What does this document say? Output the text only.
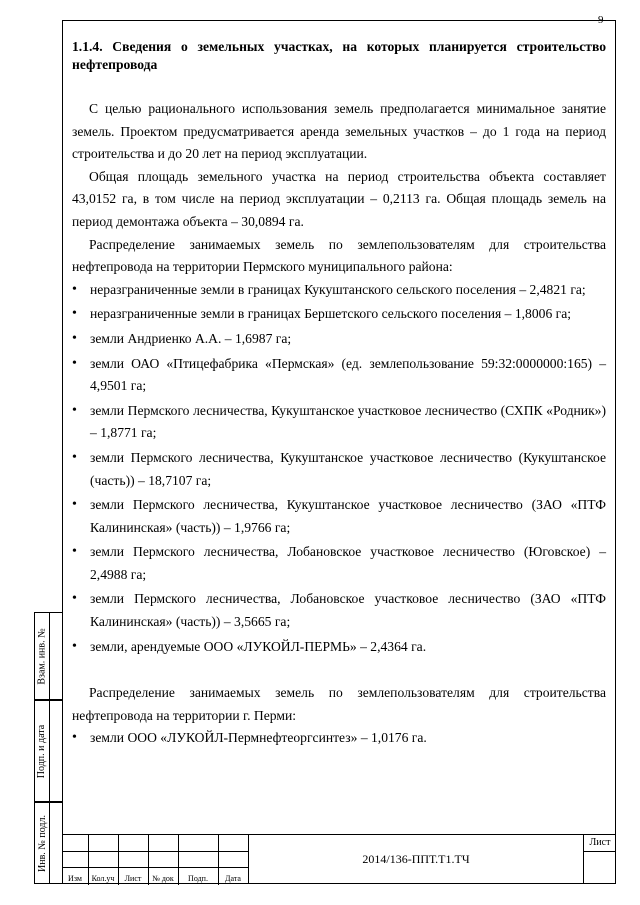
9

1.1.4. Сведения о земельных участках, на которых планируется строительство нефтепровода

С целью рационального использования земель предполагается минимальное занятие земель. Проектом предусматривается аренда земельных участков – до 1 года на период строительства и до 20 лет на период эксплуатации.

Общая площадь земельного участка на период строительства объекта составляет 43,0152 га, в том числе на период эксплуатации – 0,2113 га. Общая площадь земель на период демонтажа объекта – 30,0894 га.

Распределение занимаемых земель по землепользователям для строительства нефтепровода на территории Пермского муниципального района:

• неразграниченные земли в границах Кукуштанского сельского поселения – 2,4821 га;
• неразграниченные земли в границах Бершетского сельского поселения – 1,8006 га;
• земли Андриенко А.А. – 1,6987 га;
• земли ОАО «Птицефабрика «Пермская» (ед. землепользование 59:32:0000000:165) – 4,9501 га;
• земли Пермского лесничества, Кукуштанское участковое лесничество (СХПК «Родник») – 1,8771 га;
• земли Пермского лесничества, Кукуштанское участковое лесничество (Кукуштанское (часть)) – 18,7107 га;
• земли Пермского лесничества, Кукуштанское участковое лесничество (ЗАО «ПТФ Калининская» (часть)) – 1,9766 га;
• земли Пермского лесничества, Лобановское участковое лесничество (Юговское) – 2,4988 га;
• земли Пермского лесничества, Лобановское участковое лесничество (ЗАО «ПТФ Калининская» (часть)) – 3,5665 га;
• земли, арендуемые ООО «ЛУКОЙЛ-ПЕРМЬ» – 2,4364 га.

Распределение занимаемых земель по землепользователям для строительства нефтепровода на территории г. Перми:

• земли ООО «ЛУКОЙЛ-Пермнефтеоргсинтез» – 1,0176 га.
Взам. инв. №
Подп. и дата
Инв. № подл.
Изм	Кол.уч	Лист	№ док	Подп.	Дата
2014/136-ППТ.Т1.ТЧ
Лист
